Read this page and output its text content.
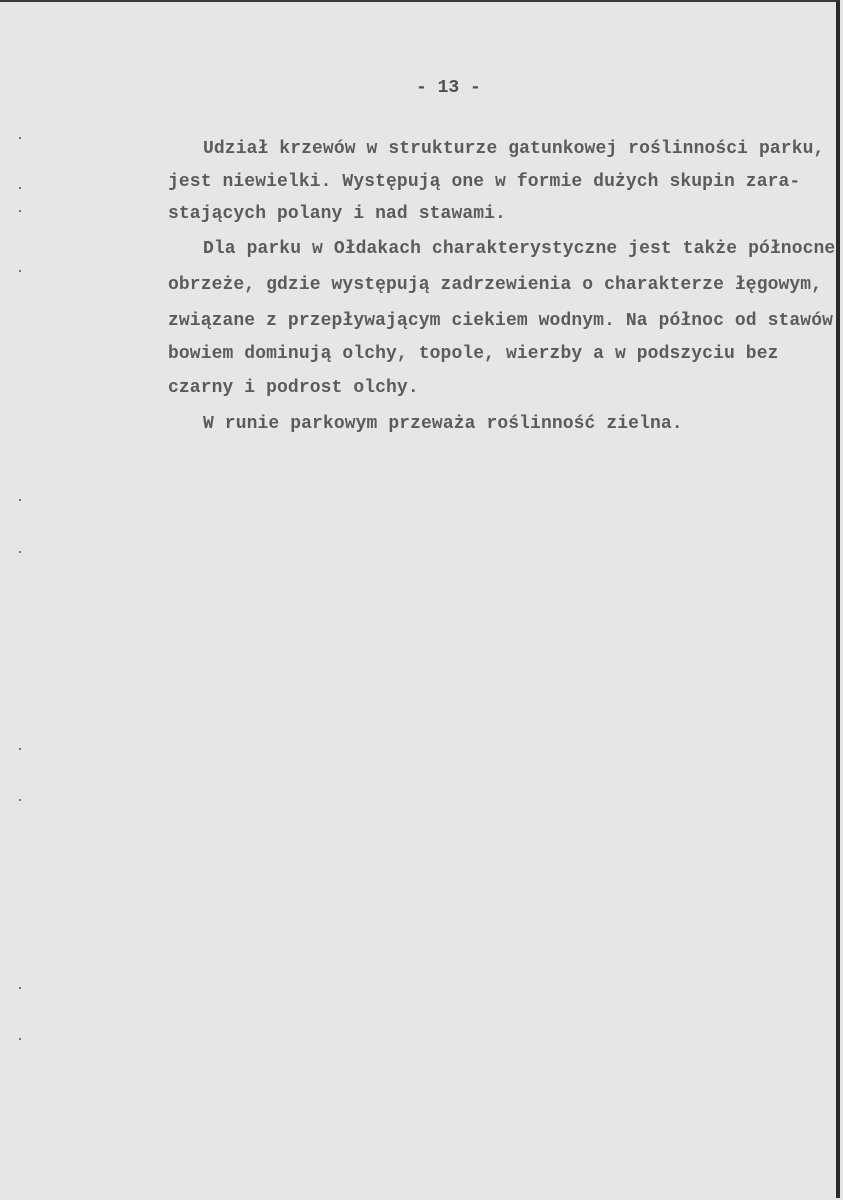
- 13 -
Udział krzewów w strukturze gatunkowej roślinności parku,
jest niewielki. Występują one w formie dużych skupin zara-
stających polany i nad stawami.
Dla parku w Ołdakach charakterystyczne jest także północne
obrzeże, gdzie występują zadrzewienia o charakterze łęgowym,
związane z przepływającym ciekiem wodnym. Na północ od stawów
bowiem dominują olchy, topole, wierzby a w podszyciu bez
czarny i podrost olchy.
W runie parkowym przeważa roślinność zielna.
